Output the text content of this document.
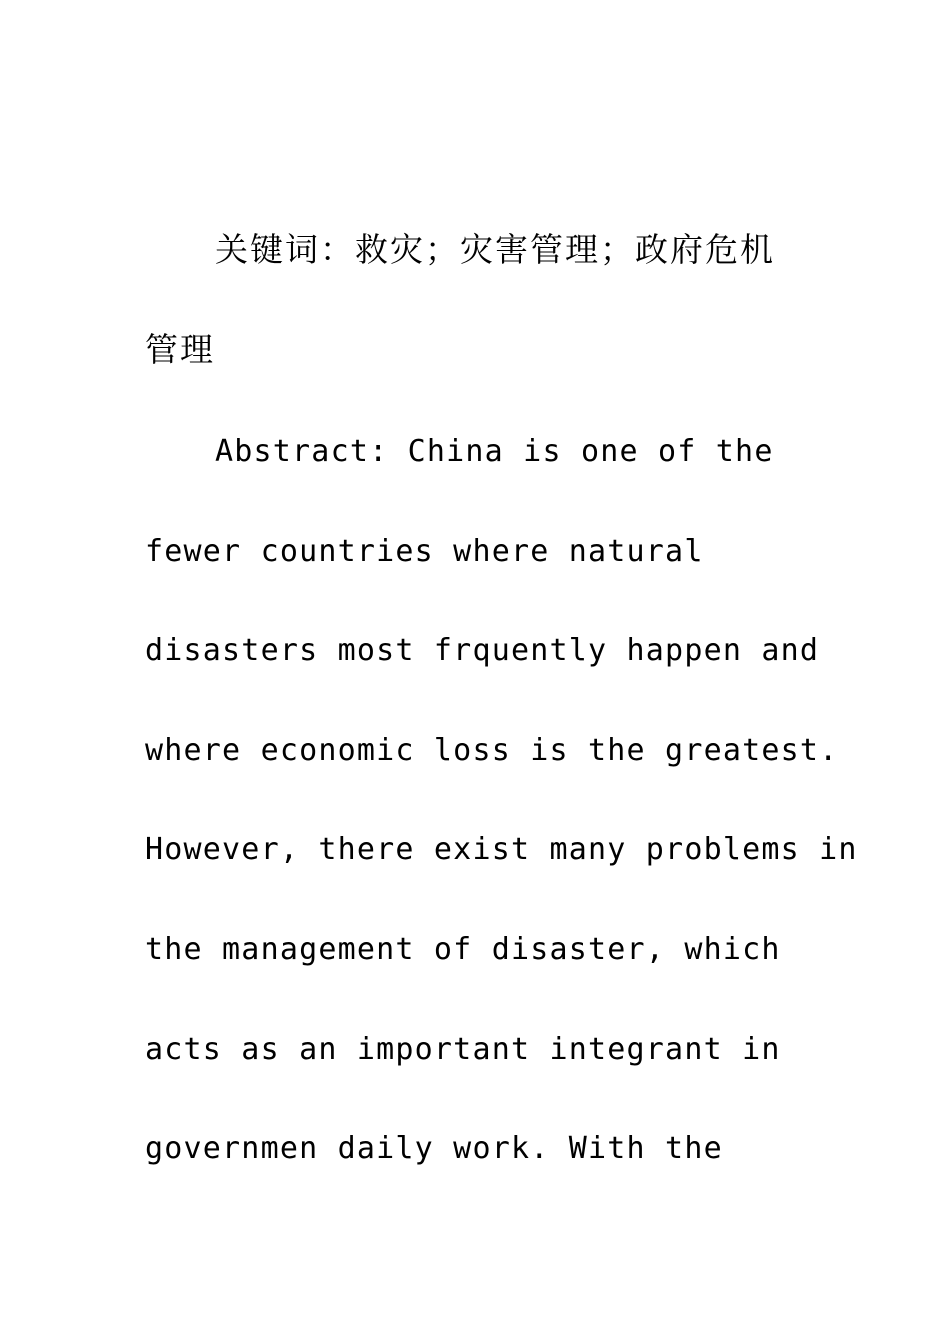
关键词：救灾；灾害管理；政府危机
管理
Abstract: China is one of the
fewer countries where natural
disasters most frquently happen and
where economic loss is the greatest.
However, there exist many problems in
the management of disaster, which
acts as an important integrant in
governmen daily work. With the
